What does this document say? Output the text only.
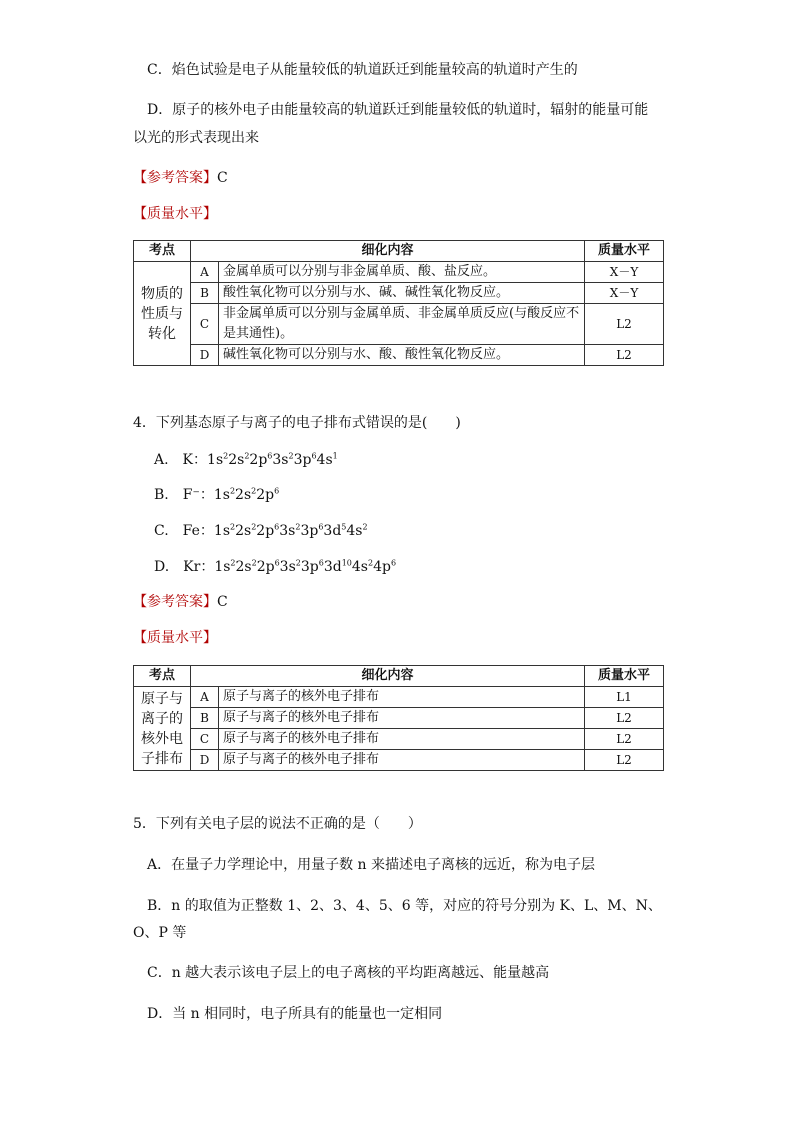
C．焰色试验是电子从能量较低的轨道跃迁到能量较高的轨道时产生的
D．原子的核外电子由能量较高的轨道跃迁到能量较低的轨道时，辐射的能量可能
以光的形式表现出来
【参考答案】C
【质量水平】
考点	细化内容		质量水平
物质的性质与转化	A	金属单质可以分别与非金属单质、酸、盐反应。	X－Y
	B	酸性氧化物可以分别与水、碱、碱性氧化物反应。	X－Y
	C	非金属单质可以分别与金属单质、非金属单质反应(与酸反应不是其通性)。	L2
	D	碱性氧化物可以分别与水、酸、酸性氧化物反应。	L2
4．下列基态原子与离子的电子排布式错误的是(　　)
A.　K：$1s^22s^22p^63s^23p^64s^1$
B.　F⁻：$1s^22s^22p^6$
C.　Fe：$1s^22s^22p^63s^23p^63d^54s^2$
D.　Kr：$1s^22s^22p^63s^23p^63d^{10}4s^24p^6$
【参考答案】C
【质量水平】
考点	细化内容		质量水平
原子与离子的核外电子排布	A	原子与离子的核外电子排布	L1
	B	原子与离子的核外电子排布	L2
	C	原子与离子的核外电子排布	L2
	D	原子与离子的核外电子排布	L2
5．下列有关电子层的说法不正确的是（　　）
A．在量子力学理论中，用量子数 n 来描述电子离核的远近，称为电子层
B．n 的取值为正整数 1、2、3、4、5、6 等，对应的符号分别为 K、L、M、N、
O、P 等
C．n 越大表示该电子层上的电子离核的平均距离越远、能量越高
D．当 n 相同时，电子所具有的能量也一定相同
